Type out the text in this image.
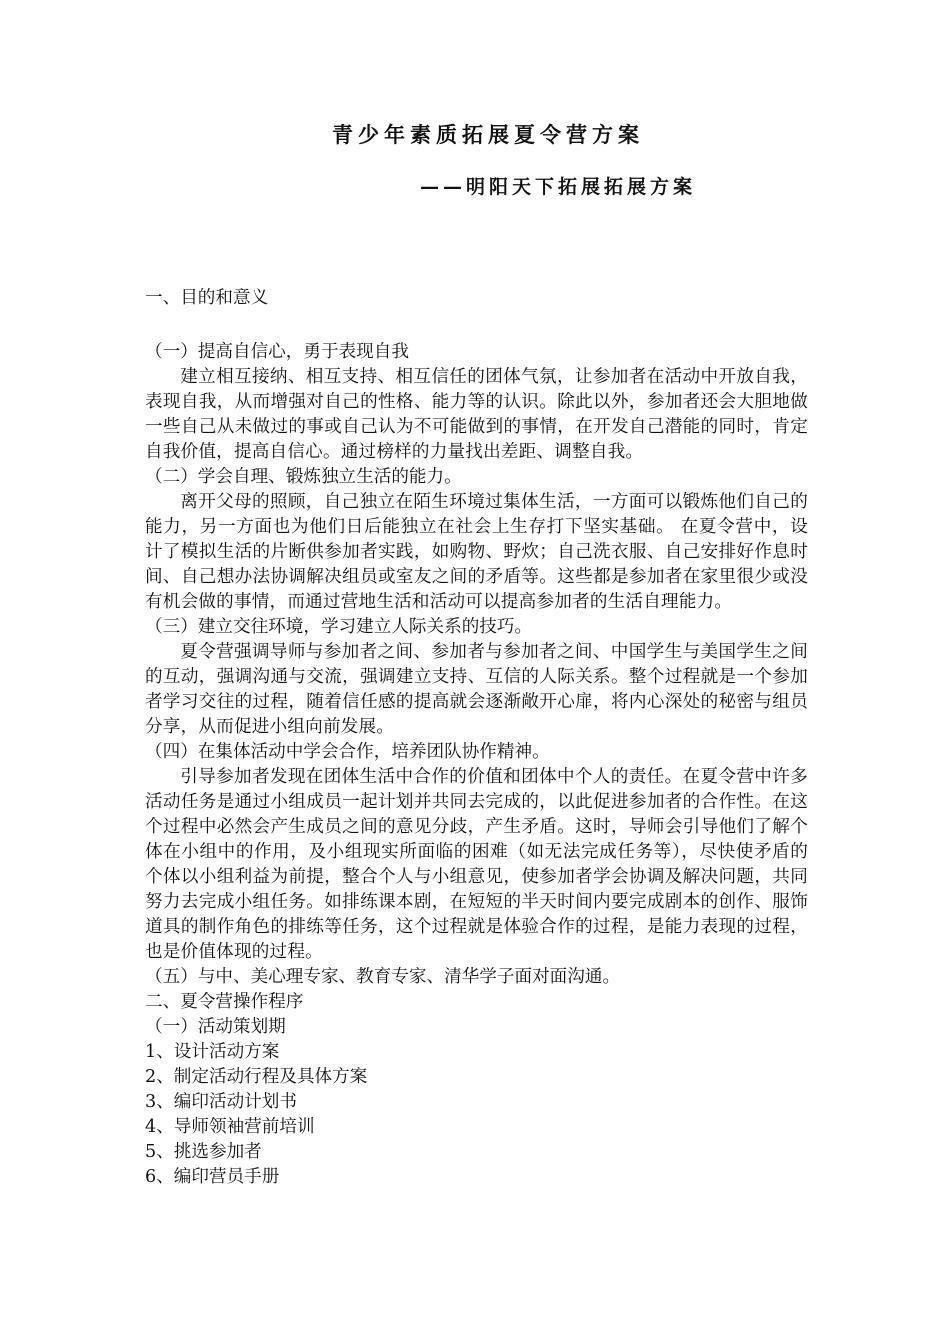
青少年素质拓展夏令营方案
——明阳天下拓展拓展方案

一、目的和意义

（一）提高自信心，勇于表现自我

建立相互接纳、相互支持、相互信任的团体气氛，让参加者在活动中开放自我，表现自我，从而增强对自己的性格、能力等的认识。除此以外，参加者还会大胆地做一些自己从未做过的事或自己认为不可能做到的事情，在开发自己潜能的同时，肯定自我价值，提高自信心。通过榜样的力量找出差距、调整自我。

（二）学会自理、锻炼独立生活的能力。

离开父母的照顾，自己独立在陌生环境过集体生活，一方面可以锻炼他们自己的能力，另一方面也为他们日后能独立在社会上生存打下坚实基础。 在夏令营中，设计了模拟生活的片断供参加者实践，如购物、野炊；自己洗衣服、自己安排好作息时间、自己想办法协调解决组员或室友之间的矛盾等。这些都是参加者在家里很少或没有机会做的事情，而通过营地生活和活动可以提高参加者的生活自理能力。

（三）建立交往环境，学习建立人际关系的技巧。

夏令营强调导师与参加者之间、参加者与参加者之间、中国学生与美国学生之间的互动，强调沟通与交流，强调建立支持、互信的人际关系。整个过程就是一个参加者学习交往的过程，随着信任感的提高就会逐渐敞开心扉，将内心深处的秘密与组员分享，从而促进小组向前发展。

（四）在集体活动中学会合作，培养团队协作精神。

引导参加者发现在团体生活中合作的价值和团体中个人的责任。在夏令营中许多活动任务是通过小组成员一起计划并共同去完成的，以此促进参加者的合作性。在这个过程中必然会产生成员之间的意见分歧，产生矛盾。这时，导师会引导他们了解个体在小组中的作用，及小组现实所面临的困难（如无法完成任务等），尽快使矛盾的个体以小组利益为前提，整合个人与小组意见，使参加者学会协调及解决问题，共同努力去完成小组任务。如排练课本剧，在短短的半天时间内要完成剧本的创作、服饰道具的制作角色的排练等任务，这个过程就是体验合作的过程，是能力表现的过程，也是价值体现的过程。

（五）与中、美心理专家、教育专家、清华学子面对面沟通。

二、夏令营操作程序

（一）活动策划期

1、设计活动方案

2、制定活动行程及具体方案

3、编印活动计划书

4、导师领袖营前培训

5、挑选参加者

6、编印营员手册
